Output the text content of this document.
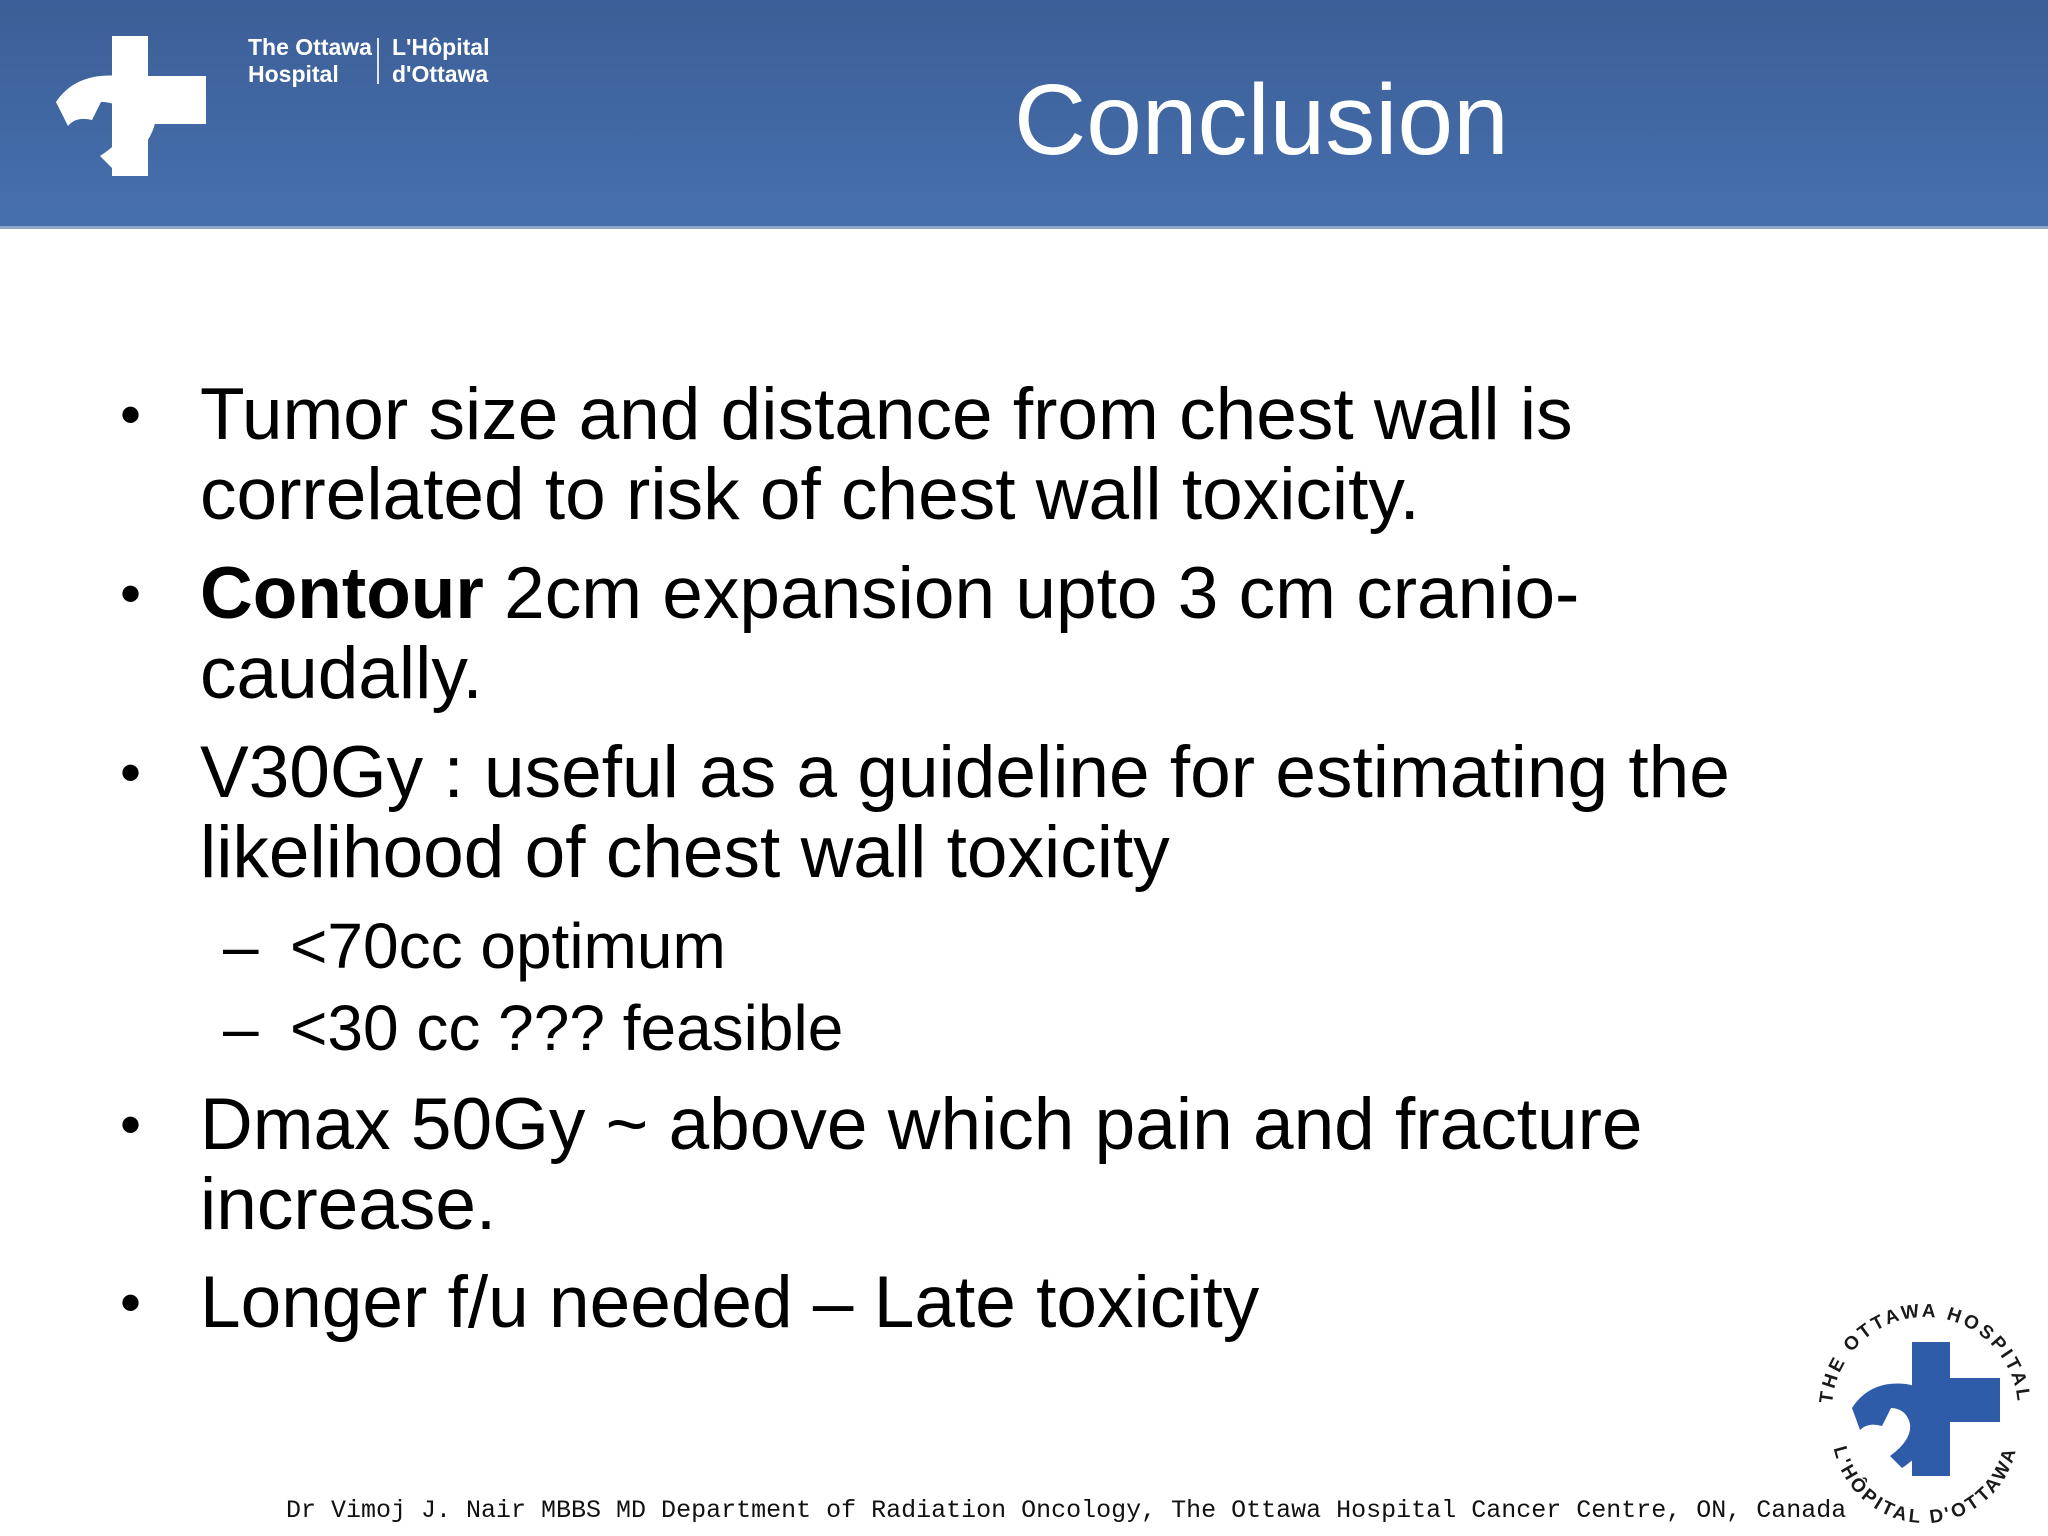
The Ottawa
Hospital
L'Hôpital
d'Ottawa	Conclusion
• Tumor size and distance from chest wall is
correlated to risk of chest wall toxicity.
• Contour 2cm expansion upto 3 cm cranio-
caudally.
• V30Gy : useful as a guideline for estimating the
likelihood of chest wall toxicity
– <70cc optimum
– <30 cc ??? feasible
• Dmax 50Gy ~ above which pain and fracture
increase.
• Longer f/u needed – Late toxicity
Dr Vimoj J. Nair MBBS MD Department of Radiation Oncology, The Ottawa Hospital Cancer Centre, ON, Canada
THE OTTAWA HOSPITAL
L'HÔPITAL D'OTTAWA
